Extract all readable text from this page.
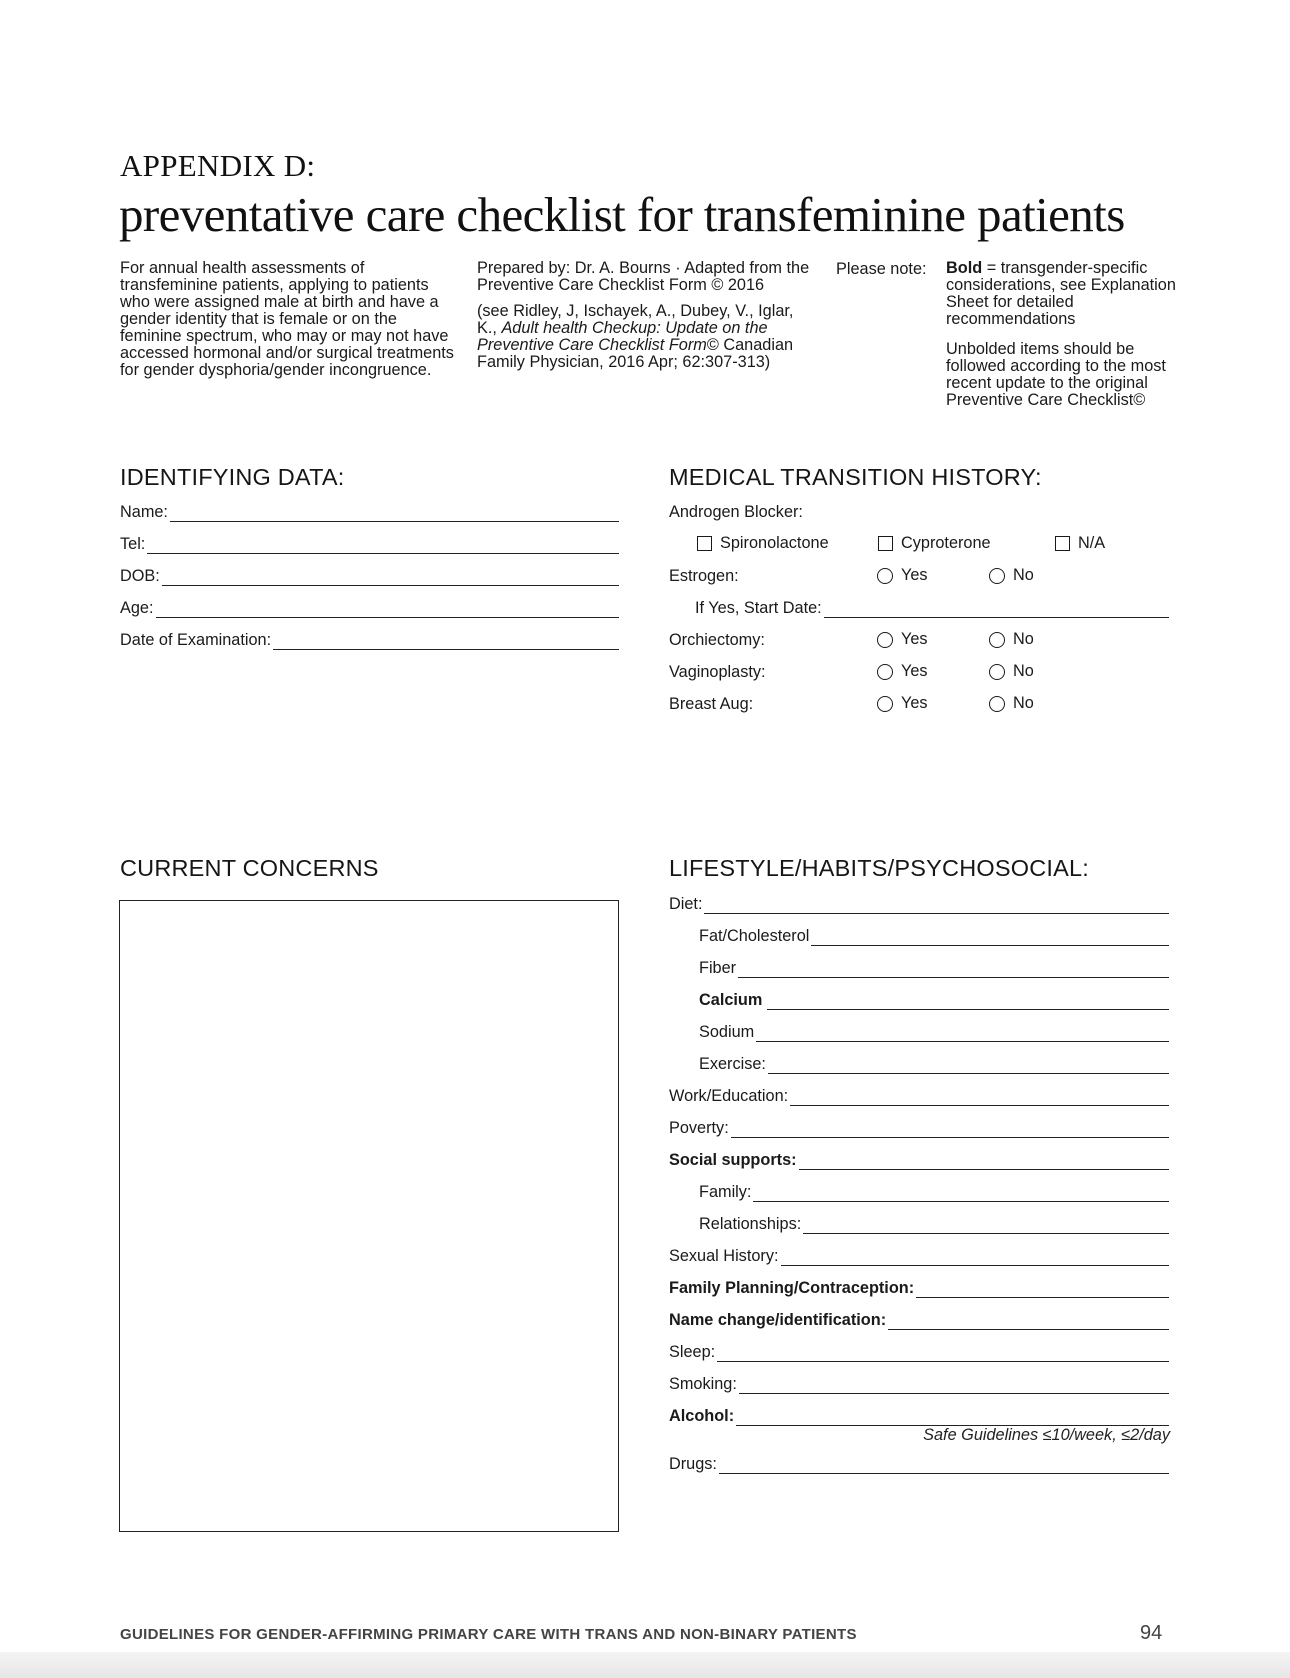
APPENDIX D:
preventative care checklist for transfeminine patients

For annual health assessments of transfeminine patients, applying to patients who were assigned male at birth and have a gender identity that is female or on the feminine spectrum, who may or may not have accessed hormonal and/or surgical treatments for gender dysphoria/gender incongruence.

Prepared by: Dr. A. Bourns · Adapted from the Preventive Care Checklist Form © 2016

(see Ridley, J, Ischayek, A., Dubey, V., Iglar, K., Adult health Checkup: Update on the Preventive Care Checklist Form© Canadian Family Physician, 2016 Apr; 62:307-313)

Please note: Bold = transgender-specific considerations, see Explanation Sheet for detailed recommendations

Unbolded items should be followed according to the most recent update to the original Preventive Care Checklist©

IDENTIFYING DATA:
Name:
Tel:
DOB:
Age:
Date of Examination:
MEDICAL TRANSITION HISTORY:
Androgen Blocker:
Spironolactone	Cyproterone	N/A
Estrogen:	Yes	No
If Yes, Start Date:
Orchiectomy:	Yes	No
Vaginoplasty:	Yes	No
Breast Aug:	Yes	No
CURRENT CONCERNS	LIFESTYLE/HABITS/PSYCHOSOCIAL:
Diet:
Fat/Cholesterol
Fiber
Calcium
Sodium
Exercise:
Work/Education:
Poverty:
Social supports:
Family:
Relationships:
Sexual History:
Family Planning/Contraception:
Name change/identification:
Sleep:
Smoking:
Alcohol:
Safe Guidelines ≤10/week, ≤2/day
Drugs:
GUIDELINES FOR GENDER-AFFIRMING PRIMARY CARE WITH TRANS AND NON-BINARY PATIENTS	94
